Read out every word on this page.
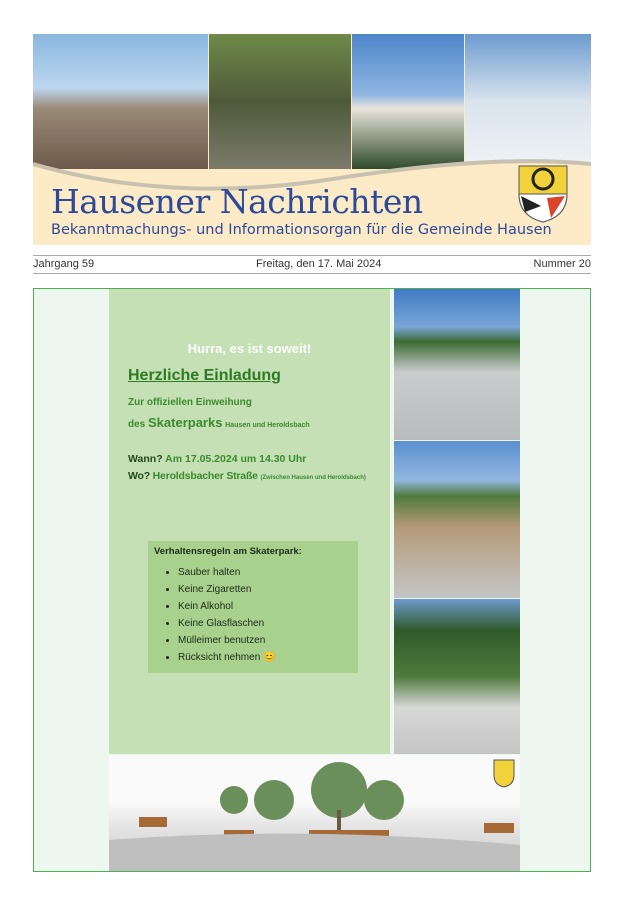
Hausener Nachrichten
Bekanntmachungs- und Informationsorgan für die Gemeinde Hausen
Jahrgang 59	Freitag, den 17. Mai 2024	Nummer 20
Hurra, es ist soweit!
Herzliche Einladung
Zur offiziellen Einweihung
des Skaterparks Hausen und Heroldsbach
Wann? Am 17.05.2024 um 14.30 Uhr
Wo? Heroldsbacher Straße (Zwischen Hausen und Heroldsbach)
Verhaltensregeln am Skaterpark:
• Sauber halten
• Keine Zigaretten
• Kein Alkohol
• Keine Glasflaschen
• Mülleimer benutzen
• Rücksicht nehmen 😊
